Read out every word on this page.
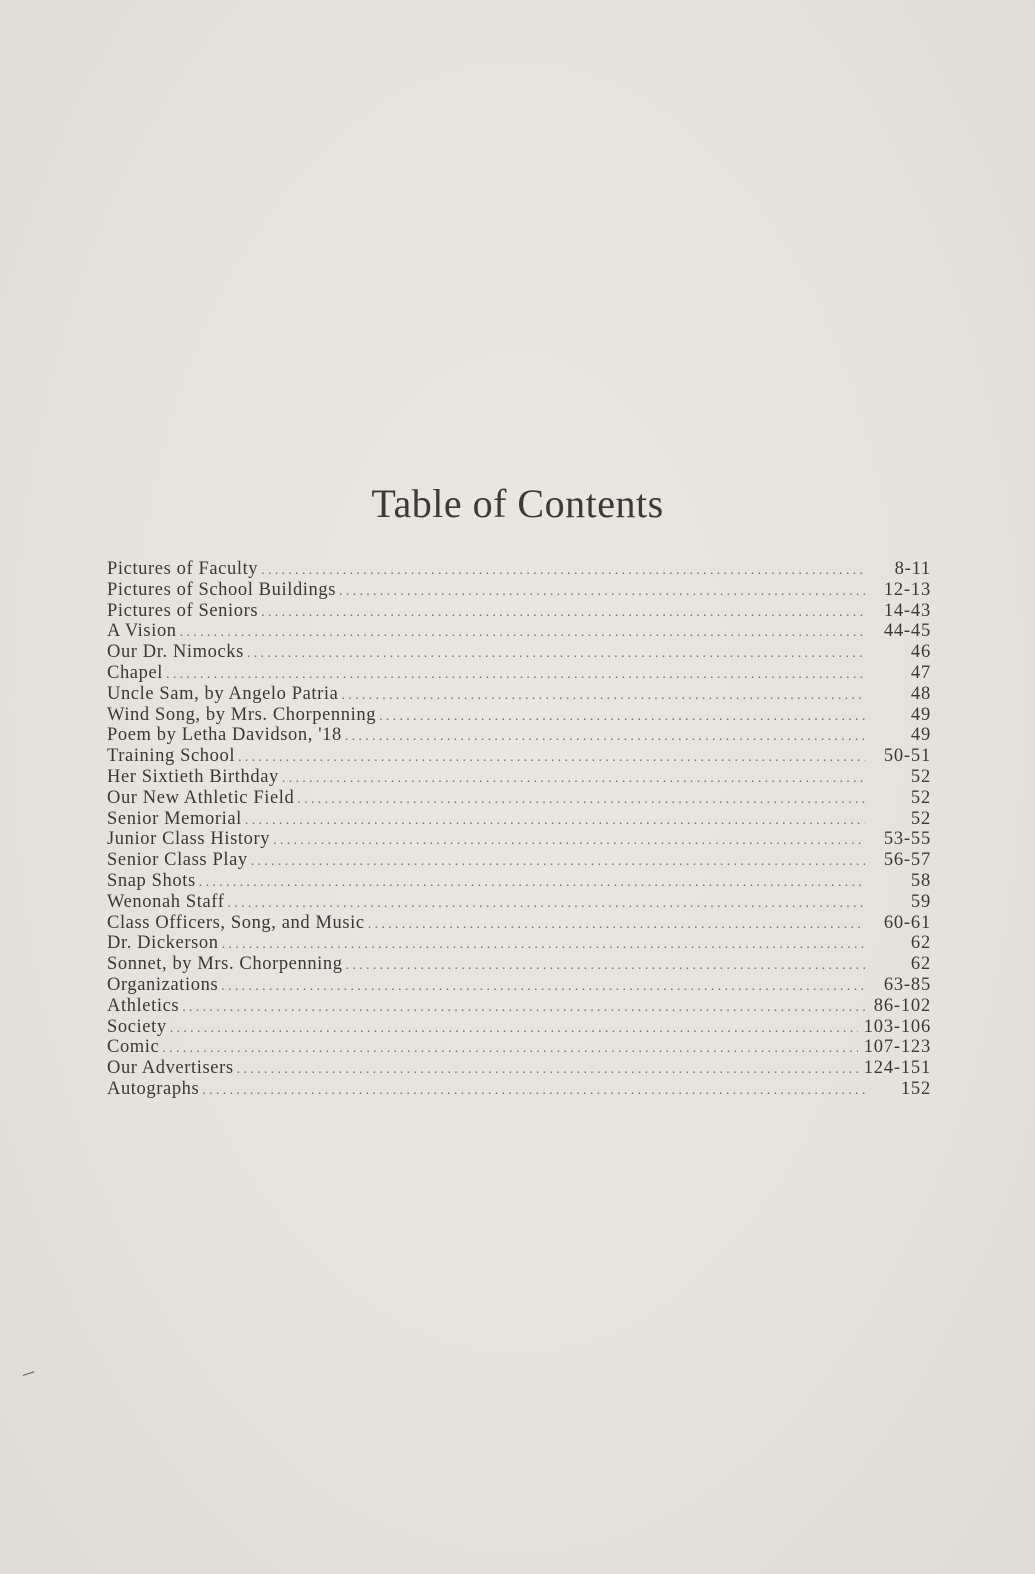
Table of Contents
Pictures of Faculty .....	8-11
Pictures of School Buildings .....	12-13
Pictures of Seniors .....	14-43
A Vision .....	44-45
Our Dr. Nimocks .....	46
Chapel .....	47
Uncle Sam, by Angelo Patria .....	48
Wind Song, by Mrs. Chorpenning .....	49
Poem by Letha Davidson, '18 .....	49
Training School .....	50-51
Her Sixtieth Birthday .....	52
Our New Athletic Field .....	52
Senior Memorial .....	52
Junior Class History .....	53-55
Senior Class Play .....	56-57
Snap Shots .....	58
Wenonah Staff .....	59
Class Officers, Song, and Music .....	60-61
Dr. Dickerson .....	62
Sonnet, by Mrs. Chorpenning .....	62
Organizations .....	63-85
Athletics .....	86-102
Society .....	103-106
Comic .....	107-123
Our Advertisers .....	124-151
Autographs .....	152
